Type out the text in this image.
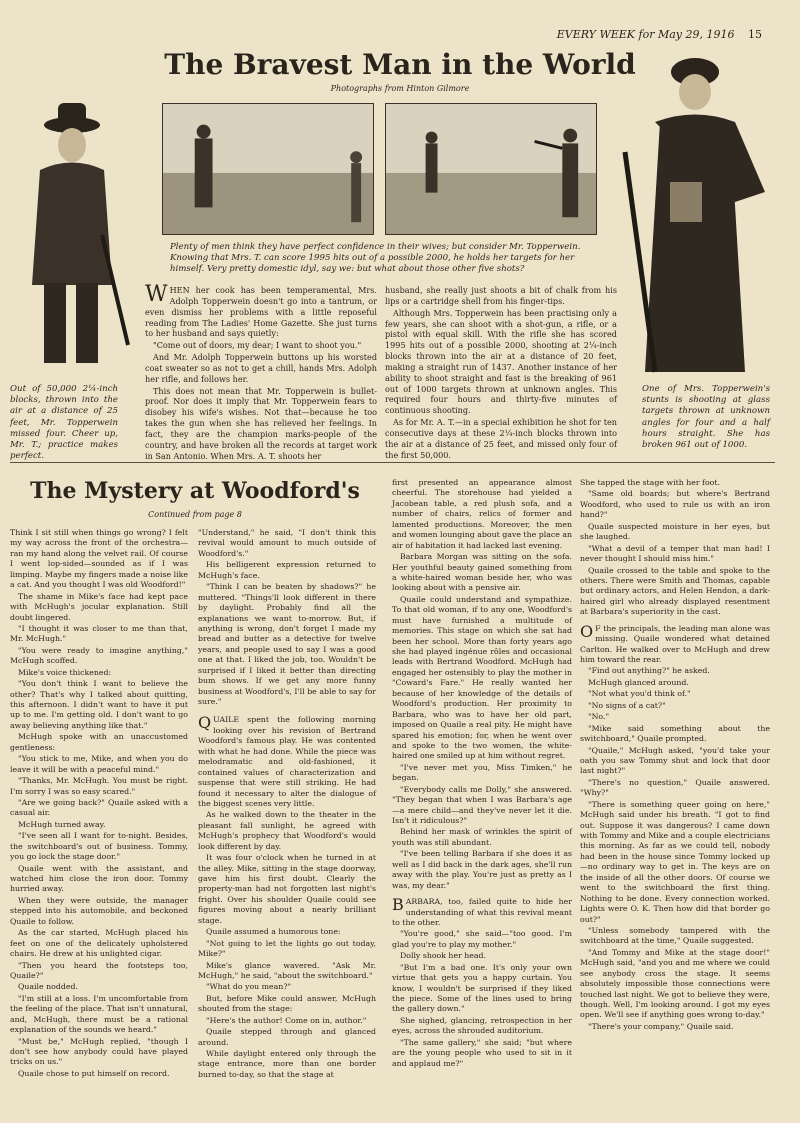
EVERY WEEK for May 29, 1916 15
The Bravest Man in the World
Photographs from Hinton Gilmore
Plenty of men think they have perfect confidence in their wives; but consider Mr. Topperwein. Knowing that Mrs. T. can score 1995 hits out of a possible 2000, he holds her targets for her himself. Very pretty domestic idyl, say we: but what about those other five shots?
Out of 50,000 2¼-inch blocks, thrown into the air at a distance of 25 feet, Mr. Topperwein missed four. Cheer up, Mr. T.; practice makes perfect.
One of Mrs. Topperwein's stunts is shooting at glass targets thrown at unknown angles for four and a half hours straight. She has broken 961 out of 1000.

WHEN her cook has been temperamental, Mrs. Adolph Topperwein doesn't go into a tantrum, or even dismiss her problems with a little reposeful reading from The Ladies' Home Gazette. She just turns to her husband and says quietly:

"Come out of doors, my dear; I want to shoot you."

And Mr. Adolph Topperwein buttons up his worsted coat sweater so as not to get a chill, hands Mrs. Adolph her rifle, and follows her.

This does not mean that Mr. Topperwein is bullet-proof. Nor does it imply that Mr. Topperwein fears to disobey his wife's wishes. Not that—because he too takes the gun when she has relieved her feelings. In fact, they are the champion marks-people of the country, and have broken all the records at target work in San Antonio. When Mrs. A. T. shoots her

husband, she really just shoots a bit of chalk from his lips or a cartridge shell from his finger-tips.

Although Mrs. Topperwein has been practising only a few years, she can shoot with a shot-gun, a rifle, or a pistol with equal skill. With the rifle she has scored 1995 hits out of a possible 2000, shooting at 2¼-inch blocks thrown into the air at a distance of 20 feet, making a straight run of 1437. Another instance of her ability to shoot straight and fast is the breaking of 961 out of 1000 targets thrown at unknown angles. This required four hours and thirty-five minutes of continuous shooting.

As for Mr. A. T.—in a special exhibition he shot for ten consecutive days at these 2¼-inch blocks thrown into the air at a distance of 25 feet, and missed only four of the first 50,000.

The Mystery at Woodford's
Continued from page 8

Think I sit still when things go wrong? I felt my way across the front of the orchestra—ran my hand along the velvet rail. Of course I went lop-sided—sounded as if I was limping. Maybe my fingers made a noise like a cat. And you thought I was old Woodford!"

The shame in Mike's face had kept pace with McHugh's jocular explanation. Still doubt lingered.

"I thought it was closer to me than that, Mr. McHugh."

"You were ready to imagine anything," McHugh scoffed.

Mike's voice thickened:

"You don't think I want to believe the other? That's why I talked about quitting, this afternoon. I didn't want to have it put up to me. I'm getting old. I don't want to go away believing anything like that."

McHugh spoke with an unaccustomed gentleness:

"You stick to me, Mike, and when you do leave it will be with a peaceful mind."

"Thanks, Mr. McHugh. You must be right. I'm sorry I was so easy scared."

"Are we going back?" Quaile asked with a casual air.

McHugh turned away.

"I've seen all I want for to-night. Besides, the switchboard's out of business. Tommy, you go lock the stage door."

Quaile went with the assistant, and watched him close the iron door. Tommy hurried away.

When they were outside, the manager stepped into his automobile, and beckoned Quaile to follow.

As the car started, McHugh placed his feet on one of the delicately upholstered chairs. He drew at his unlighted cigar.

"Then you heard the footsteps too, Quaile?"

Quaile nodded.

"I'm still at a loss. I'm uncomfortable from the feeling of the place. That isn't unnatural, and, McHugh, there must be a rational explanation of the sounds we heard."

"Must be," McHugh replied, "though I don't see how anybody could have played tricks on us."

Quaile chose to put himself on record.

"Understand," he said, "I don't think this revival would amount to much outside of Woodford's."

His belligerent expression returned to McHugh's face.

"Think I can be beaten by shadows?" he muttered. "Things'll look different in there by daylight. Probably find all the explanations we want to-morrow. But, if anything is wrong, don't forget I made my bread and butter as a detective for twelve years, and people used to say I was a good one at that. I liked the job, too. Wouldn't be surprised if I liked it better than directing bum shows. If we get any more funny business at Woodford's, I'll be able to say for sure."

QUAILE spent the following morning looking over his revision of Bertrand Woodford's famous play. He was contented with what he had done. While the piece was melodramatic and old-fashioned, it contained values of characterization and suspense that were still striking. He had found it necessary to alter the dialogue of the biggest scenes very little.

As he walked down to the theater in the pleasant fall sunlight, he agreed with McHugh's prophecy that Woodford's would look different by day.

It was four o'clock when he turned in at the alley. Mike, sitting in the stage doorway, gave him his first doubt. Clearly the property-man had not forgotten last night's fright. Over his shoulder Quaile could see figures moving about a nearly brilliant stage.

Quaile assumed a humorous tone:

"Not going to let the lights go out today, Mike?"

Mike's glance wavered. "Ask Mr. McHugh," he said, "about the switchboard."

"What do you mean?"

But, before Mike could answer, McHugh shouted from the stage:

"Here's the author! Come on in, author."

Quaile stepped through and glanced around.

While daylight entered only through the stage entrance, more than one border burned to-day, so that the stage at

first presented an appearance almost cheerful. The storehouse had yielded a Jacobean table, a red plush sofa, and a number of chairs, relics of former and lamented productions. Moreover, the men and women lounging about gave the place an air of habitation it had lacked last evening.

Barbara Morgan was sitting on the sofa. Her youthful beauty gained something from a white-haired woman beside her, who was looking about with a pensive air.

Quaile could understand and sympathize. To that old woman, if to any one, Woodford's must have furnished a multitude of memories. This stage on which she sat had been her school. More than forty years ago she had played ingénue rôles and occasional leads with Bertrand Woodford. McHugh had engaged her ostensibly to play the mother in "Coward's Fare." He really wanted her because of her knowledge of the details of Woodford's production. Her proximity to Barbara, who was to have her old part, imposed on Quaile a real pity. He might have spared his emotion; for, when he went over and spoke to the two women, the white-haired one smiled up at him without regret.

"I've never met you, Miss Timken," he began.

"Everybody calls me Dolly," she answered. "They began that when I was Barbara's age—a mere child—and they've never let it die. Isn't it ridiculous?"

Behind her mask of wrinkles the spirit of youth was still abundant.

"I've been telling Barbara if she does it as well as I did back in the dark ages, she'll run away with the play. You're just as pretty as I was, my dear."

BARBARA, too, failed quite to hide her understanding of what this revival meant to the other.

"You're good," she said—"too good. I'm glad you're to play my mother."

Dolly shook her head.

"But I'm a bad one. It's only your own virtue that gets you a happy curtain. You know, I wouldn't be surprised if they liked the piece. Some of the lines used to bring the gallery down."

She sighed, glancing, retrospection in her eyes, across the shrouded auditorium.

"The same gallery," she said; "but where are the young people who used to sit in it and applaud me?"

She tapped the stage with her foot.

"Same old boards; but where's Bertrand Woodford, who used to rule us with an iron hand?"

Quaile suspected moisture in her eyes, but she laughed.

"What a devil of a temper that man had! I never thought I should miss him."

Quaile crossed to the table and spoke to the others. There were Smith and Thomas, capable but ordinary actors, and Helen Hendon, a dark-haired girl who already displayed resentment at Barbara's superiority in the cast.

O F the principals, the leading man alone was missing. Quaile wondered what detained Carlton. He walked over to McHugh and drew him toward the rear.

"Find out anything?" he asked.

McHugh glanced around.

"Not what you'd think of."

"No signs of a cat?"

"No."

"Mike said something about the switchboard," Quaile prompted.

"Quaile," McHugh asked, "you'd take your oath you saw Tommy shut and lock that door last night?"

"There's no question," Quaile answered. "Why?"

"There is something queer going on here," McHugh said under his breath. "I got to find out. Suppose it was dangerous? I came down with Tommy and Mike and a couple electricians this morning. As far as we could tell, nobody had been in the house since Tommy locked up—no ordinary way to get in. The keys are on the inside of all the other doors. Of course we went to the switchboard the first thing. Nothing to be done. Every connection worked. Lights were O. K. Then how did that border go out?"

"Unless somebody tampered with the switchboard at the time," Quaile suggested.

"And Tommy and Mike at the stage door!" McHugh said, "and you and me where we could see anybody cross the stage. It seems absolutely impossible those connections were touched last night. We got to believe they were, though. Well, I'm looking around. I got my eyes open. We'll see if anything goes wrong to-day."

"There's your company," Quaile said.
